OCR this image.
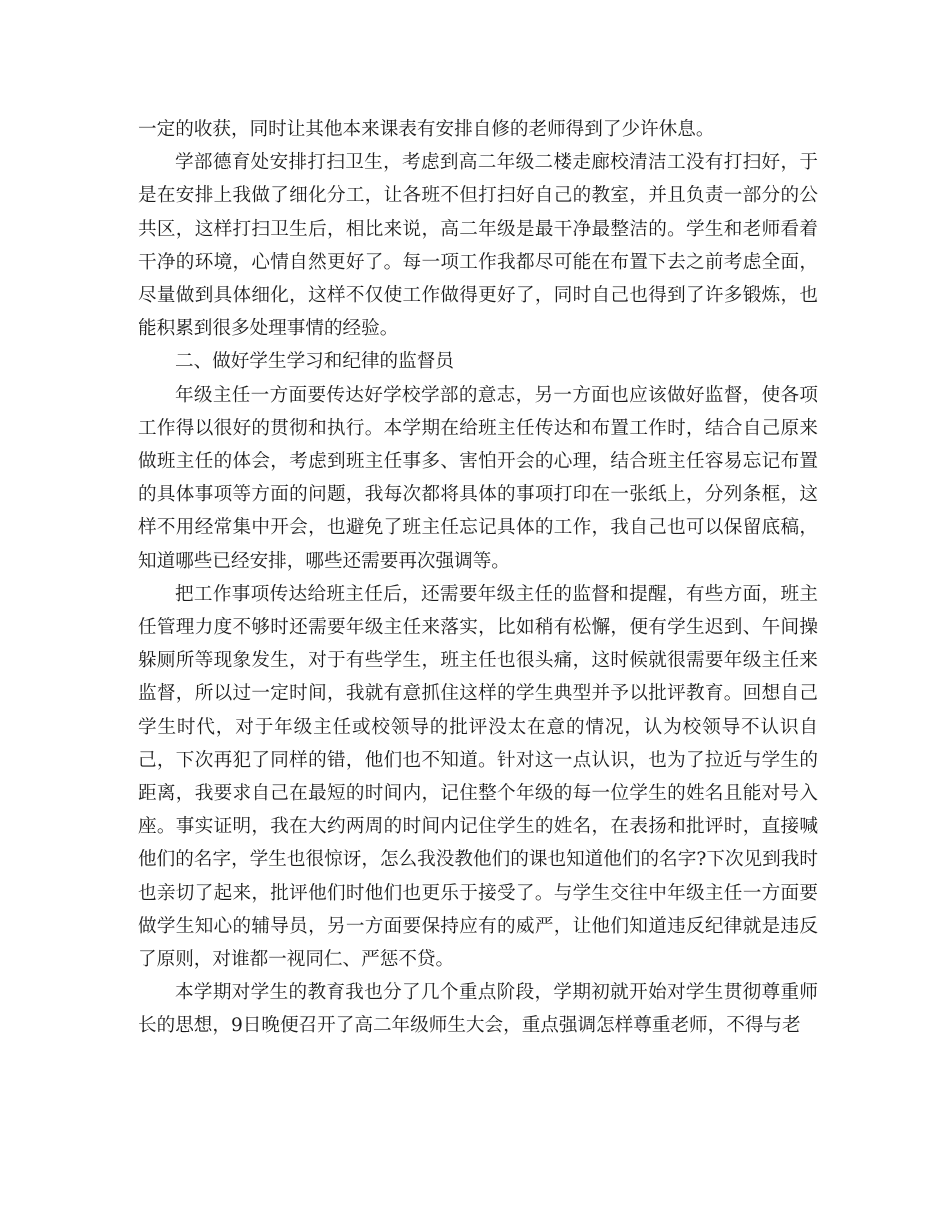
一定的收获，同时让其他本来课表有安排自修的老师得到了少许休息。

学部德育处安排打扫卫生，考虑到高二年级二楼走廊校清洁工没有打扫好，于是在安排上我做了细化分工，让各班不但打扫好自己的教室，并且负责一部分的公共区，这样打扫卫生后，相比来说，高二年级是最干净最整洁的。学生和老师看着干净的环境，心情自然更好了。每一项工作我都尽可能在布置下去之前考虑全面，尽量做到具体细化，这样不仅使工作做得更好了，同时自己也得到了许多锻炼，也能积累到很多处理事情的经验。

二、做好学生学习和纪律的监督员

年级主任一方面要传达好学校学部的意志，另一方面也应该做好监督，使各项工作得以很好的贯彻和执行。本学期在给班主任传达和布置工作时，结合自己原来做班主任的体会，考虑到班主任事多、害怕开会的心理，结合班主任容易忘记布置的具体事项等方面的问题，我每次都将具体的事项打印在一张纸上，分列条框，这样不用经常集中开会，也避免了班主任忘记具体的工作，我自己也可以保留底稿，知道哪些已经安排，哪些还需要再次强调等。

把工作事项传达给班主任后，还需要年级主任的监督和提醒，有些方面，班主任管理力度不够时还需要年级主任来落实，比如稍有松懈，便有学生迟到、午间操躲厕所等现象发生，对于有些学生，班主任也很头痛，这时候就很需要年级主任来监督，所以过一定时间，我就有意抓住这样的学生典型并予以批评教育。回想自己学生时代，对于年级主任或校领导的批评没太在意的情况，认为校领导不认识自己，下次再犯了同样的错，他们也不知道。针对这一点认识，也为了拉近与学生的距离，我要求自己在最短的时间内，记住整个年级的每一位学生的姓名且能对号入座。事实证明，我在大约两周的时间内记住学生的姓名，在表扬和批评时，直接喊他们的名字，学生也很惊讶，怎么我没教他们的课也知道他们的名字?下次见到我时也亲切了起来，批评他们时他们也更乐于接受了。与学生交往中年级主任一方面要做学生知心的辅导员，另一方面要保持应有的威严，让他们知道违反纪律就是违反了原则，对谁都一视同仁、严惩不贷。

本学期对学生的教育我也分了几个重点阶段，学期初就开始对学生贯彻尊重师长的思想，9日晚便召开了高二年级师生大会，重点强调怎样尊重老师，不得与老
